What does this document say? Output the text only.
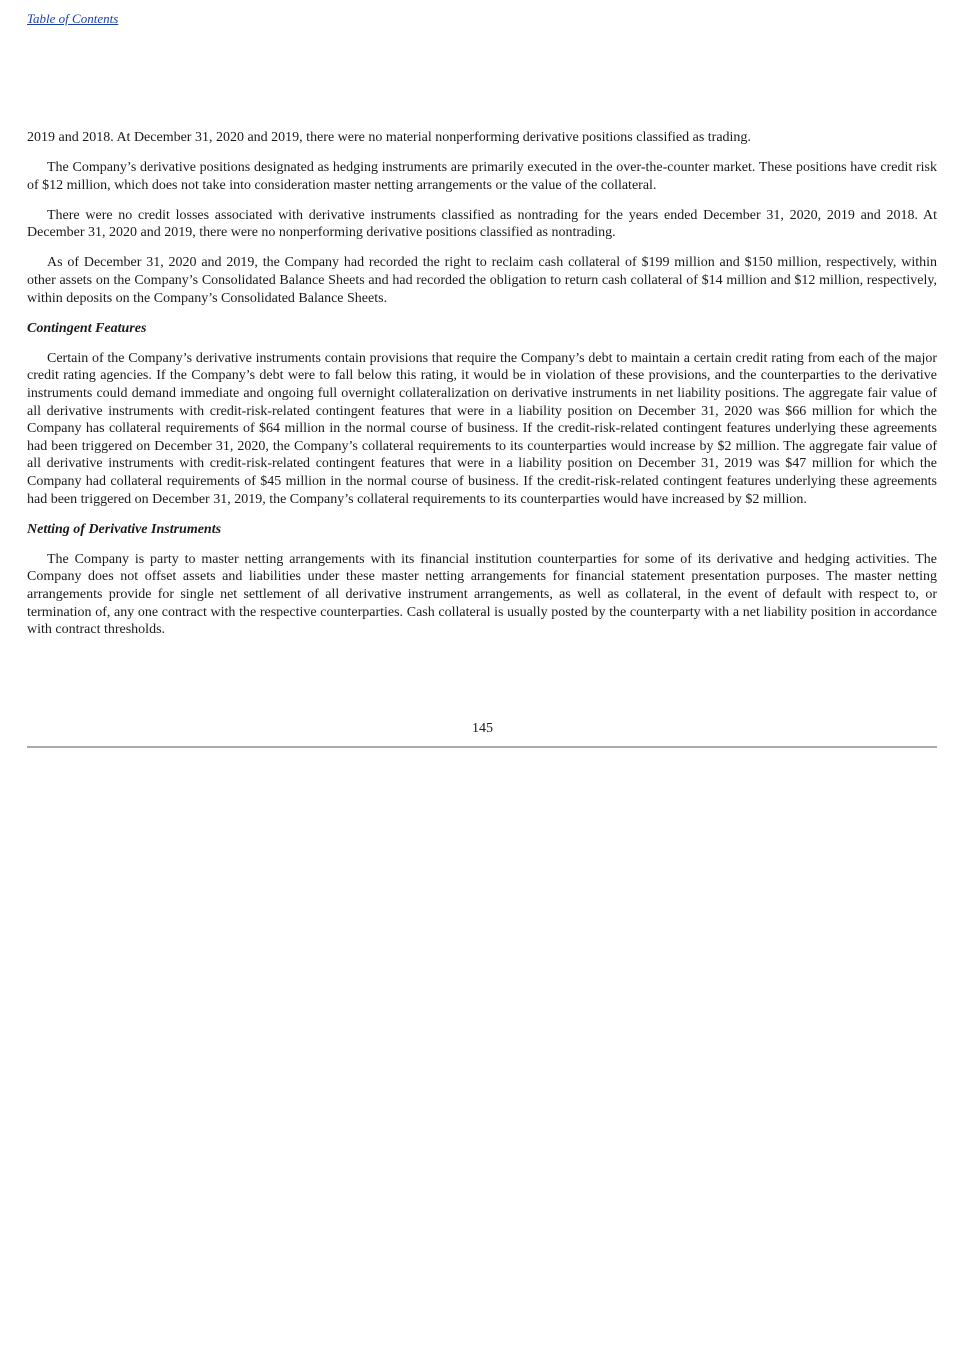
Table of Contents

2019 and 2018. At December 31, 2020 and 2019, there were no material nonperforming derivative positions classified as trading.

The Company’s derivative positions designated as hedging instruments are primarily executed in the over-the-counter market. These positions have credit risk of $12 million, which does not take into consideration master netting arrangements or the value of the collateral.

There were no credit losses associated with derivative instruments classified as nontrading for the years ended December 31, 2020, 2019 and 2018. At December 31, 2020 and 2019, there were no nonperforming derivative positions classified as nontrading.

As of December 31, 2020 and 2019, the Company had recorded the right to reclaim cash collateral of $199 million and $150 million, respectively, within other assets on the Company’s Consolidated Balance Sheets and had recorded the obligation to return cash collateral of $14 million and $12 million, respectively, within deposits on the Company’s Consolidated Balance Sheets.

Contingent Features

Certain of the Company’s derivative instruments contain provisions that require the Company’s debt to maintain a certain credit rating from each of the major credit rating agencies. If the Company’s debt were to fall below this rating, it would be in violation of these provisions, and the counterparties to the derivative instruments could demand immediate and ongoing full overnight collateralization on derivative instruments in net liability positions. The aggregate fair value of all derivative instruments with credit-risk-related contingent features that were in a liability position on December 31, 2020 was $66 million for which the Company has collateral requirements of $64 million in the normal course of business. If the credit-risk-related contingent features underlying these agreements had been triggered on December 31, 2020, the Company’s collateral requirements to its counterparties would increase by $2 million. The aggregate fair value of all derivative instruments with credit-risk-related contingent features that were in a liability position on December 31, 2019 was $47 million for which the Company had collateral requirements of $45 million in the normal course of business. If the credit-risk-related contingent features underlying these agreements had been triggered on December 31, 2019, the Company’s collateral requirements to its counterparties would have increased by $2 million.

Netting of Derivative Instruments

The Company is party to master netting arrangements with its financial institution counterparties for some of its derivative and hedging activities. The Company does not offset assets and liabilities under these master netting arrangements for financial statement presentation purposes. The master netting arrangements provide for single net settlement of all derivative instrument arrangements, as well as collateral, in the event of default with respect to, or termination of, any one contract with the respective counterparties. Cash collateral is usually posted by the counterparty with a net liability position in accordance with contract thresholds.

145
